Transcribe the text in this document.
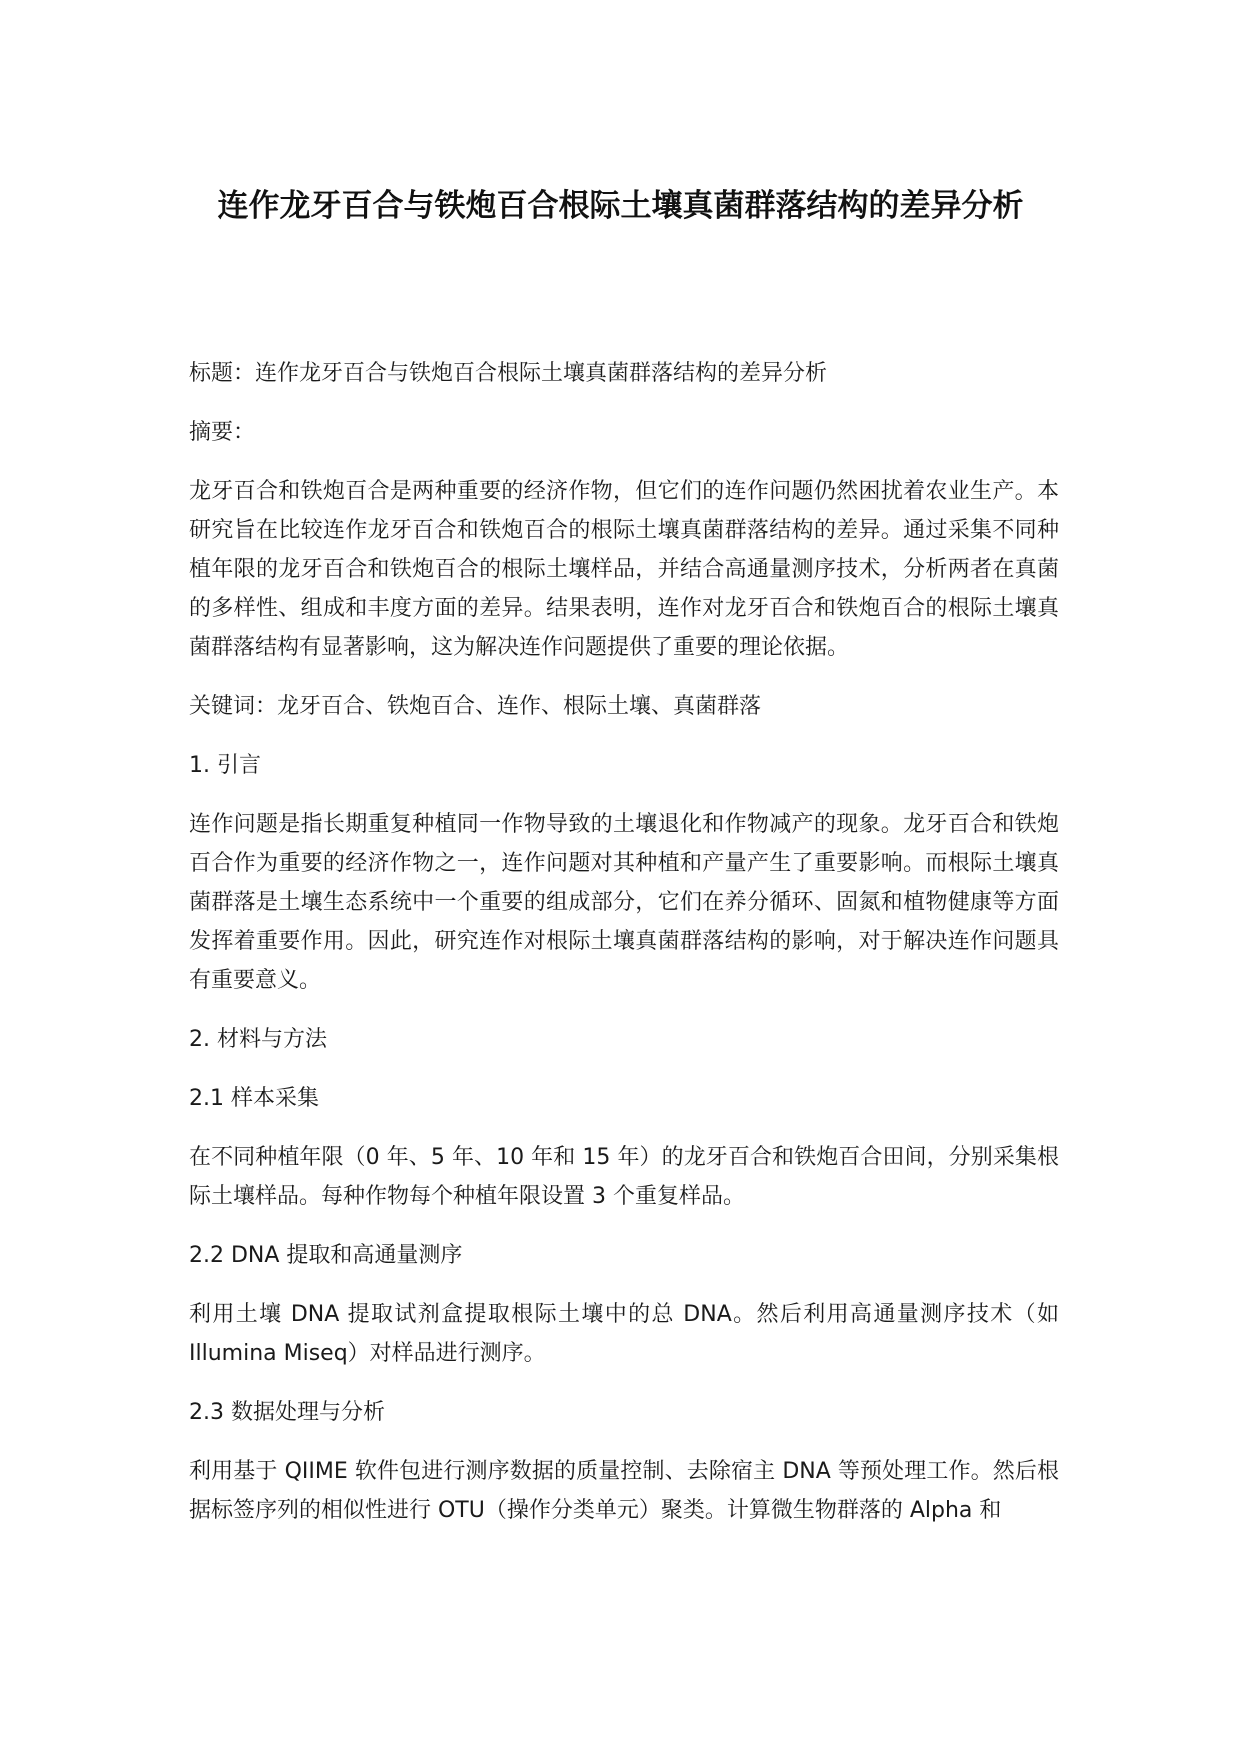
连作龙牙百合与铁炮百合根际土壤真菌群落结构的差异分析

标题：连作龙牙百合与铁炮百合根际土壤真菌群落结构的差异分析

摘要：

龙牙百合和铁炮百合是两种重要的经济作物，但它们的连作问题仍然困扰着农业生产。本研究旨在比较连作龙牙百合和铁炮百合的根际土壤真菌群落结构的差异。通过采集不同种植年限的龙牙百合和铁炮百合的根际土壤样品，并结合高通量测序技术，分析两者在真菌的多样性、组成和丰度方面的差异。结果表明，连作对龙牙百合和铁炮百合的根际土壤真菌群落结构有显著影响，这为解决连作问题提供了重要的理论依据。

关键词：龙牙百合、铁炮百合、连作、根际土壤、真菌群落

1. 引言

连作问题是指长期重复种植同一作物导致的土壤退化和作物减产的现象。龙牙百合和铁炮百合作为重要的经济作物之一，连作问题对其种植和产量产生了重要影响。而根际土壤真菌群落是土壤生态系统中一个重要的组成部分，它们在养分循环、固氮和植物健康等方面发挥着重要作用。因此，研究连作对根际土壤真菌群落结构的影响，对于解决连作问题具有重要意义。

2. 材料与方法

2.1 样本采集

在不同种植年限（0 年、5 年、10 年和 15 年）的龙牙百合和铁炮百合田间，分别采集根际土壤样品。每种作物每个种植年限设置 3 个重复样品。

2.2 DNA 提取和高通量测序

利用土壤 DNA 提取试剂盒提取根际土壤中的总 DNA。然后利用高通量测序技术（如 Illumina Miseq）对样品进行测序。

2.3 数据处理与分析

利用基于 QIIME 软件包进行测序数据的质量控制、去除宿主 DNA 等预处理工作。然后根据标签序列的相似性进行 OTU（操作分类单元）聚类。计算微生物群落的 Alpha 和
